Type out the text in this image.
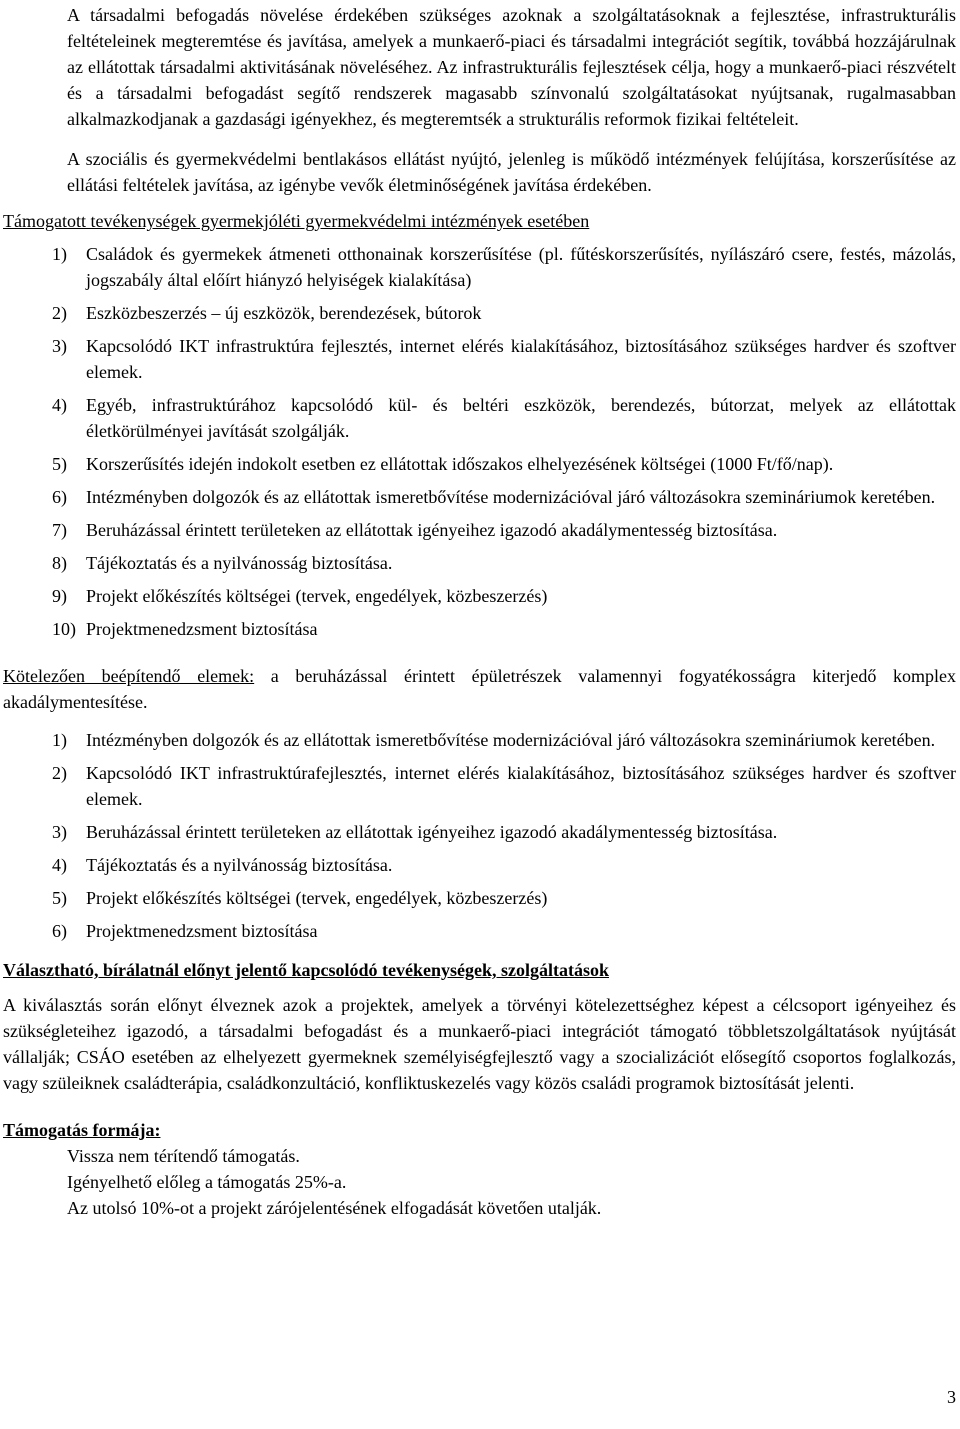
A társadalmi befogadás növelése érdekében szükséges azoknak a szolgáltatásoknak a fejlesztése, infrastrukturális feltételeinek megteremtése és javítása, amelyek a munkaerő-piaci és társadalmi integrációt segítik, továbbá hozzájárulnak az ellátottak társadalmi aktivitásának növeléséhez. Az infrastrukturális fejlesztések célja, hogy a munkaerő-piaci részvételt és a társadalmi befogadást segítő rendszerek magasabb színvonalú szolgáltatásokat nyújtsanak, rugalmasabban alkalmazkodjanak a gazdasági igényekhez, és megteremtsék a strukturális reformok fizikai feltételeit.

A szociális és gyermekvédelmi bentlakásos ellátást nyújtó, jelenleg is működő intézmények felújítása, korszerűsítése az ellátási feltételek javítása, az igénybe vevők életminőségének javítása érdekében.

Támogatott tevékenységek gyermekjóléti gyermekvédelmi intézmények esetében

1) Családok és gyermekek átmeneti otthonainak korszerűsítése (pl. fűtéskorszerűsítés, nyílászáró csere, festés, mázolás, jogszabály által előírt hiányzó helyiségek kialakítása)
2) Eszközbeszerzés – új eszközök, berendezések, bútorok
3) Kapcsolódó IKT infrastruktúra fejlesztés, internet elérés kialakításához, biztosításához szükséges hardver és szoftver elemek.
4) Egyéb, infrastruktúrához kapcsolódó kül- és beltéri eszközök, berendezés, bútorzat, melyek az ellátottak életkörülményei javítását szolgálják.
5) Korszerűsítés idején indokolt esetben ez ellátottak időszakos elhelyezésének költségei (1000 Ft/fő/nap).
6) Intézményben dolgozók és az ellátottak ismeretbővítése modernizációval járó változásokra szemináriumok keretében.
7) Beruházással érintett területeken az ellátottak igényeihez igazodó akadálymentesség biztosítása.
8) Tájékoztatás és a nyilvánosság biztosítása.
9) Projekt előkészítés költségei (tervek, engedélyek, közbeszerzés)
10) Projektmenedzsment biztosítása

Kötelezően beépítendő elemek: a beruházással érintett épületrészek valamennyi fogyatékosságra kiterjedő komplex akadálymentesítése.

1) Intézményben dolgozók és az ellátottak ismeretbővítése modernizációval járó változásokra szemináriumok keretében.
2) Kapcsolódó IKT infrastruktúrafejlesztés, internet elérés kialakításához, biztosításához szükséges hardver és szoftver elemek.
3) Beruházással érintett területeken az ellátottak igényeihez igazodó akadálymentesség biztosítása.
4) Tájékoztatás és a nyilvánosság biztosítása.
5) Projekt előkészítés költségei (tervek, engedélyek, közbeszerzés)
6) Projektmenedzsment biztosítása

Választható, bírálatnál előnyt jelentő kapcsolódó tevékenységek, szolgáltatások

A kiválasztás során előnyt élveznek azok a projektek, amelyek a törvényi kötelezettséghez képest a célcsoport igényeihez és szükségleteihez igazodó, a társadalmi befogadást és a munkaerő-piaci integrációt támogató többletszolgáltatások nyújtását vállalják; CSÁO esetében az elhelyezett gyermeknek személyiségfejlesztő vagy a szocializációt elősegítő csoportos foglalkozás, vagy szüleiknek családterápia, családkonzultáció, konfliktuskezelés vagy közös családi programok biztosítását jelenti.

Támogatás formája:

Vissza nem térítendő támogatás.

Igényelhető előleg a támogatás 25%-a.

Az utolsó 10%-ot a projekt zárójelentésének elfogadását követően utalják.

3
